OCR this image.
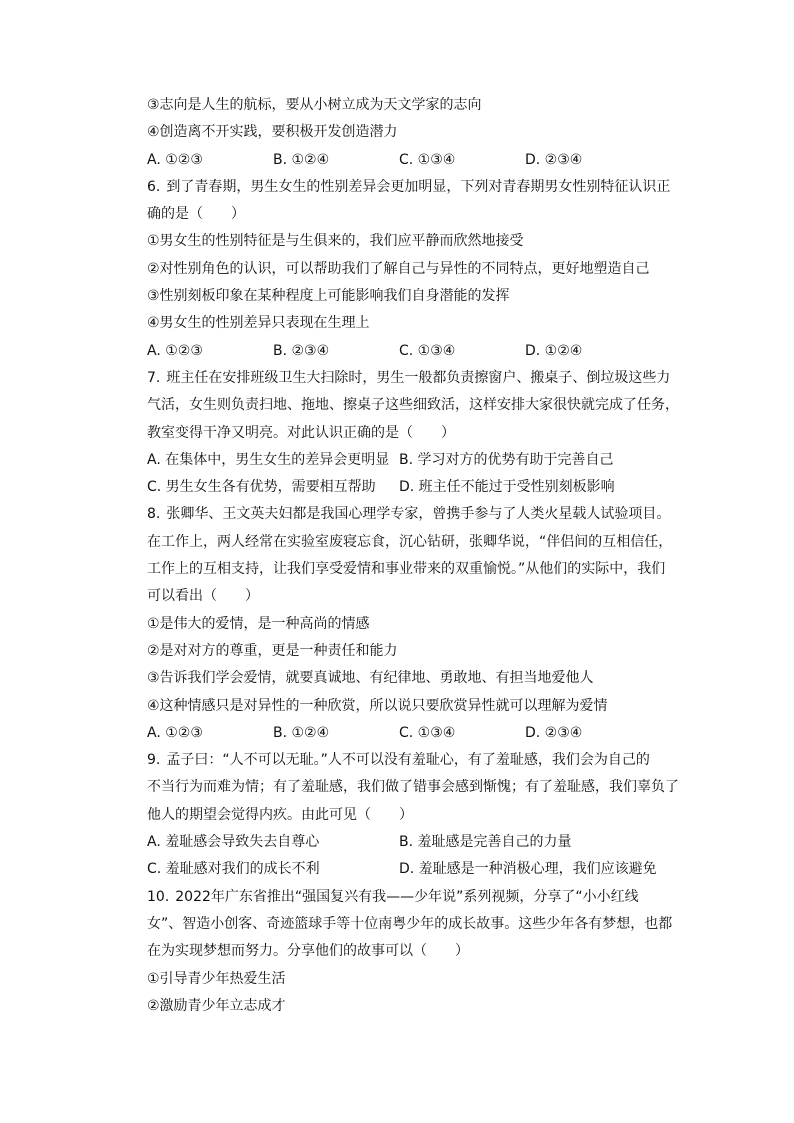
③志向是人生的航标，要从小树立成为天文学家的志向
④创造离不开实践，要积极开发创造潜力
A. ①②③	B. ①②④	C. ①③④	D. ②③④
6. 到了青春期，男生女生的性别差异会更加明显，下列对青春期男女性别特征认识正
确的是（　　）
①男女生的性别特征是与生俱来的，我们应平静而欣然地接受
②对性别角色的认识，可以帮助我们了解自己与异性的不同特点，更好地塑造自己
③性别刻板印象在某种程度上可能影响我们自身潜能的发挥
④男女生的性别差异只表现在生理上
A. ①②③	B. ②③④	C. ①③④	D. ①②④
7. 班主任在安排班级卫生大扫除时，男生一般都负责擦窗户、搬桌子、倒垃圾这些力
气活，女生则负责扫地、拖地、擦桌子这些细致活，这样安排大家很快就完成了任务，
教室变得干净又明亮。对此认识正确的是（　　）
A. 在集体中，男生女生的差异会更明显 B. 学习对方的优势有助于完善自己
C. 男生女生各有优势，需要相互帮助	D. 班主任不能过于受性别刻板影响
8. 张卿华、王文英夫妇都是我国心理学专家，曾携手参与了人类火星载人试验项目。
在工作上，两人经常在实验室废寝忘食，沉心钻研，张卿华说，“伴侣间的互相信任，
工作上的互相支持，让我们享受爱情和事业带来的双重愉悦。”从他们的实际中，我们
可以看出（　　）
①是伟大的爱情，是一种高尚的情感
②是对对方的尊重，更是一种责任和能力
③告诉我们学会爱情，就要真诚地、有纪律地、勇敢地、有担当地爱他人
④这种情感只是对异性的一种欣赏，所以说只要欣赏异性就可以理解为爱情
A. ①②③	B. ①②④	C. ①③④	D. ②③④
9. 孟子曰：“人不可以无耻。”人不可以没有羞耻心，有了羞耻感，我们会为自己的
不当行为而难为情；有了羞耻感，我们做了错事会感到惭愧；有了羞耻感，我们辜负了
他人的期望会觉得内疚。由此可见（　　）
A. 羞耻感会导致失去自尊心	B. 羞耻感是完善自己的力量
C. 羞耻感对我们的成长不利	D. 羞耻感是一种消极心理，我们应该避免
10. 2022年广东省推出“强国复兴有我——少年说”系列视频，分享了“小小红线
女”、智造小创客、奇迹篮球手等十位南粤少年的成长故事。这些少年各有梦想，也都
在为实现梦想而努力。分享他们的故事可以（　　）
①引导青少年热爱生活
②激励青少年立志成才
